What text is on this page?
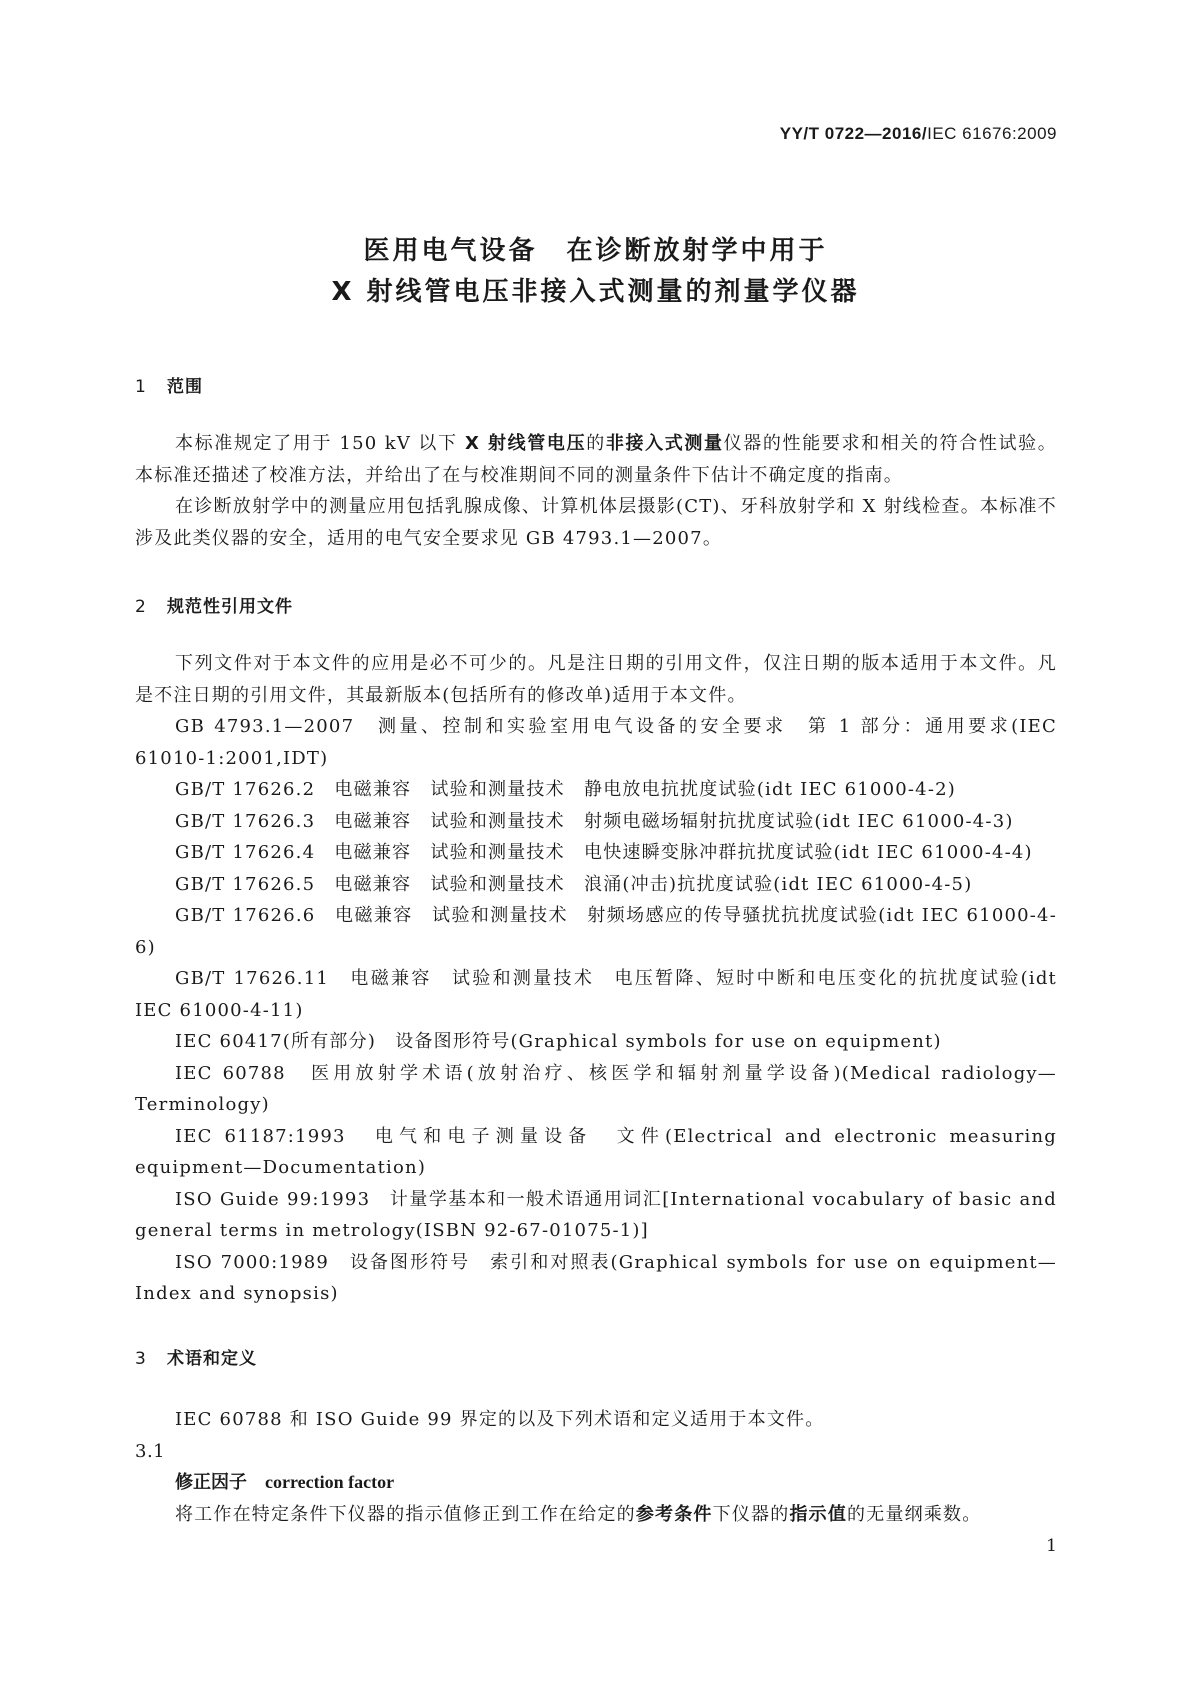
YY/T 0722—2016/IEC 61676:2009
医用电气设备　在诊断放射学中用于
X 射线管电压非接入式测量的剂量学仪器
1 范围

本标准规定了用于 150 kV 以下 X 射线管电压的非接入式测量仪器的性能要求和相关的符合性试验。本标准还描述了校准方法，并给出了在与校准期间不同的测量条件下估计不确定度的指南。

在诊断放射学中的测量应用包括乳腺成像、计算机体层摄影(CT)、牙科放射学和 X 射线检查。本标准不涉及此类仪器的安全，适用的电气安全要求见 GB 4793.1—2007。

2 规范性引用文件

下列文件对于本文件的应用是必不可少的。凡是注日期的引用文件，仅注日期的版本适用于本文件。凡是不注日期的引用文件，其最新版本(包括所有的修改单)适用于本文件。

GB 4793.1—2007　测量、控制和实验室用电气设备的安全要求　第 1 部分：通用要求(IEC 61010-1:2001,IDT)

GB/T 17626.2　电磁兼容　试验和测量技术　静电放电抗扰度试验(idt IEC 61000-4-2)

GB/T 17626.3　电磁兼容　试验和测量技术　射频电磁场辐射抗扰度试验(idt IEC 61000-4-3)

GB/T 17626.4　电磁兼容　试验和测量技术　电快速瞬变脉冲群抗扰度试验(idt IEC 61000-4-4)

GB/T 17626.5　电磁兼容　试验和测量技术　浪涌(冲击)抗扰度试验(idt IEC 61000-4-5)

GB/T 17626.6　电磁兼容　试验和测量技术　射频场感应的传导骚扰抗扰度试验(idt IEC 61000-4-6)

GB/T 17626.11　电磁兼容　试验和测量技术　电压暂降、短时中断和电压变化的抗扰度试验(idt IEC 61000-4-11)

IEC 60417(所有部分)　设备图形符号(Graphical symbols for use on equipment)

IEC 60788　医用放射学术语(放射治疗、核医学和辐射剂量学设备)(Medical radiology—Terminology)

IEC 61187:1993　电气和电子测量设备　文件(Electrical and electronic measuring equipment—Documentation)

ISO Guide 99:1993　计量学基本和一般术语通用词汇[International vocabulary of basic and general terms in metrology(ISBN 92-67-01075-1)]

ISO 7000:1989　设备图形符号　索引和对照表(Graphical symbols for use on equipment—Index and synopsis)

3 术语和定义

IEC 60788 和 ISO Guide 99 界定的以及下列术语和定义适用于本文件。

3.1
修正因子　 correction factor

将工作在特定条件下仪器的指示值修正到工作在给定的参考条件下仪器的指示值的无量纲乘数。

1
